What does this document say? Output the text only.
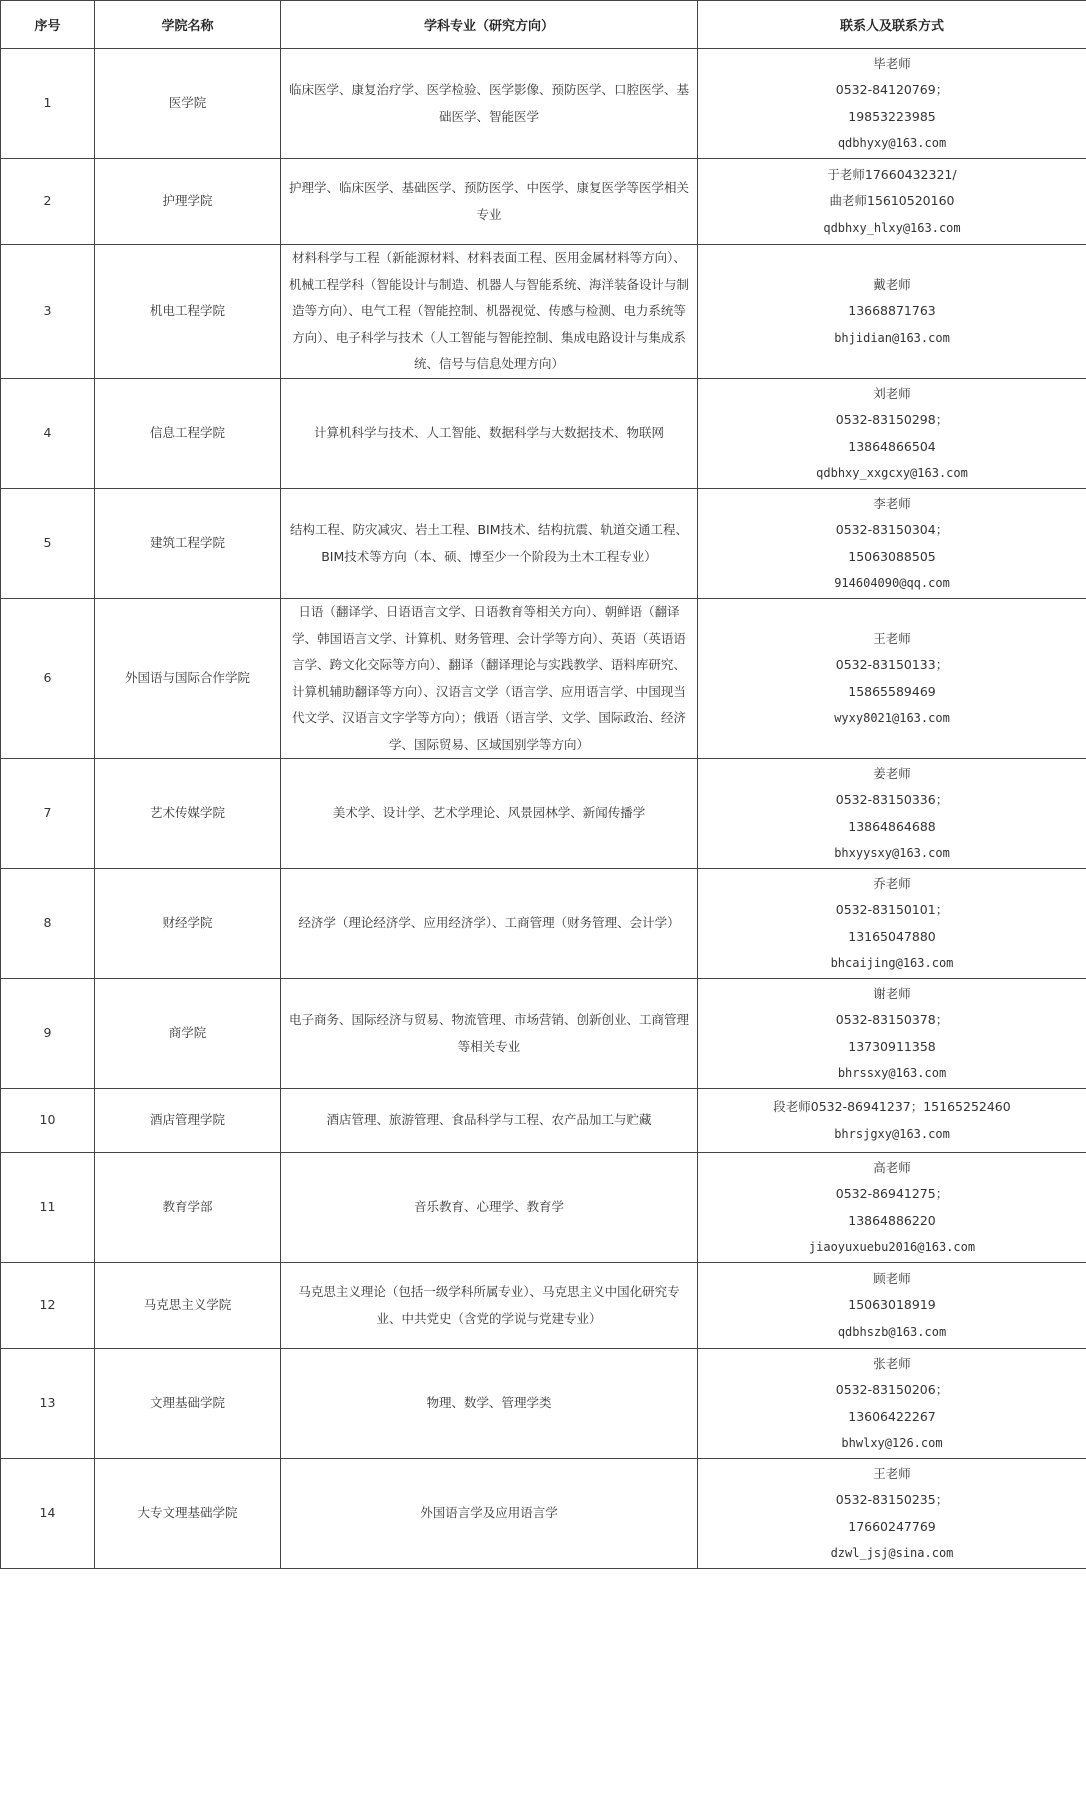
序号	学院名称	学科专业（研究方向）	联系人及联系方式
1	医学院	临床医学、康复治疗学、医学检验、医学影像、预防医学、口腔医学、基础医学、智能医学	毕老师
0532-84120769；
19853223985
qdbhyxy@163.com

2	护理学院	护理学、临床医学、基础医学、预防医学、中医学、康复医学等医学相关专业	于老师17660432321/
曲老师15610520160
qdbhxy_hlxy@163.com

3	机电工程学院	材料科学与工程（新能源材料、材料表面工程、医用金属材料等方向）、机械工程学科（智能设计与制造、机器人与智能系统、海洋装备设计与制造等方向）、电气工程（智能控制、机器视觉、传感与检测、电力系统等方向）、电子科学与技术（人工智能与智能控制、集成电路设计与集成系统、信号与信息处理方向）	戴老师
13668871763
bhjidian@163.com

4	信息工程学院	计算机科学与技术、人工智能、数据科学与大数据技术、物联网	刘老师
0532-83150298；
13864866504
qdbhxy_xxgcxy@163.com

5	建筑工程学院	结构工程、防灾减灾、岩土工程、BIM技术、结构抗震、轨道交通工程、BIM技术等方向（本、硕、博至少一个阶段为土木工程专业）	李老师
0532-83150304；
15063088505
914604090@qq.com

6	外国语与国际合作学院	日语（翻译学、日语语言文学、日语教育等相关方向）、朝鲜语（翻译学、韩国语言文学、计算机、财务管理、会计学等方向）、英语（英语语言学、跨文化交际等方向）、翻译（翻译理论与实践教学、语料库研究、计算机辅助翻译等方向）、汉语言文学（语言学、应用语言学、中国现当代文学、汉语言文字学等方向）；俄语（语言学、文学、国际政治、经济学、国际贸易、区域国别学等方向）	王老师
0532-83150133；
15865589469
wyxy8021@163.com

7	艺术传媒学院	美术学、设计学、艺术学理论、风景园林学、新闻传播学	姜老师
0532-83150336；
13864864688
bhxyysxy@163.com

8	财经学院	经济学（理论经济学、应用经济学）、工商管理（财务管理、会计学）	乔老师
0532-83150101；
13165047880
bhcaijing@163.com

9	商学院	电子商务、国际经济与贸易、物流管理、市场营销、创新创业、工商管理等相关专业	谢老师
0532-83150378；
13730911358
bhrssxy@163.com

10	酒店管理学院	酒店管理、旅游管理、食品科学与工程、农产品加工与贮藏	段老师0532-86941237；15165252460
bhrsjgxy@163.com

11	教育学部	音乐教育、心理学、教育学	高老师
0532-86941275；
13864886220
jiaoyuxuebu2016@163.com

12	马克思主义学院	马克思主义理论（包括一级学科所属专业）、马克思主义中国化研究专业、中共党史（含党的学说与党建专业）	顾老师
15063018919
qdbhszb@163.com

13	文理基础学院	物理、数学、管理学类	张老师
0532-83150206；
13606422267
bhwlxy@126.com

14	大专文理基础学院	外国语言学及应用语言学	王老师
0532-83150235；
17660247769
dzwl_jsj@sina.com
